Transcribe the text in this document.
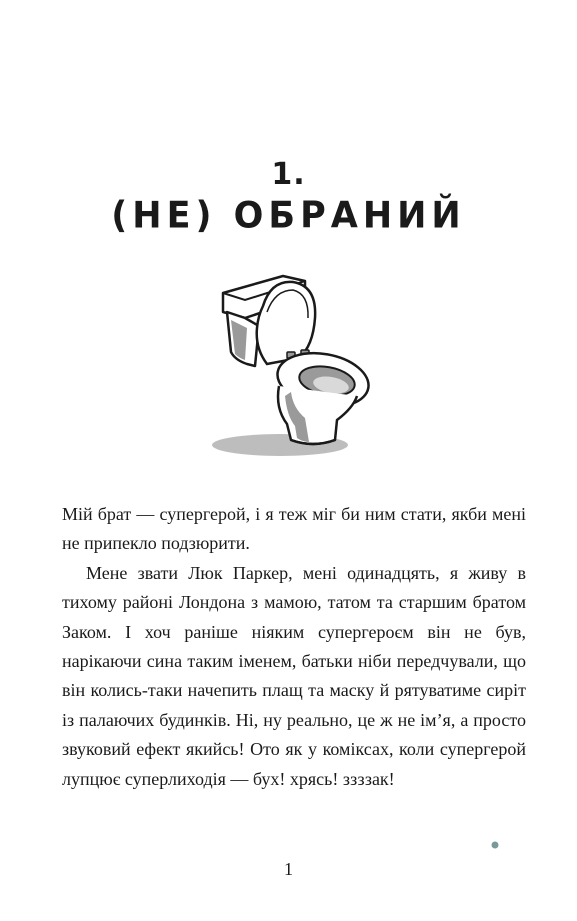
1.
(НЕ) ОБРАНИЙ

Мій брат — супергерой, і я теж міг би ним стати, якби мені не припекло подзюрити.

Мене звати Люк Паркер, мені одинадцять, я живу в тихому районі Лондона з мамою, татом та старшим братом Заком. І хоч раніше ніяким супергероєм він не був, нарікаючи сина таким іменем, батьки ніби передчували, що він колись-таки начепить плащ та маску й рятуватиме сиріт із палаючих будинків. Ні, ну реально, це ж не ім’я, а просто звуковий ефект якийсь! Ото як у коміксах, коли супергерой лупцює суперлиходія — бух! хрясь! ззззак!

1
